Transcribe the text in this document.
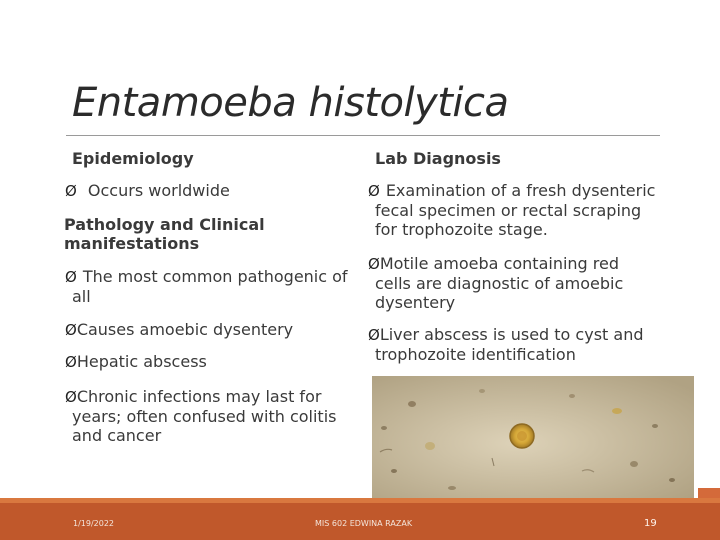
Entamoeba histolytica
Epidemiology
Ø Occurs worldwide
Pathology and Clinical
manifestations
Ø The most common pathogenic of
all
ØCauses amoebic dysentery
ØHepatic abscess
ØChronic infections may last for
years; often confused with colitis
and cancer
Lab Diagnosis
Ø Examination of a fresh dysenteric
fecal specimen or rectal scraping
for trophozoite stage.
ØMotile amoeba containing red
cells are diagnostic of amoebic
dysentery
ØLiver abscess is used to cyst and
trophozoite identification
1/19/2022	MIS 602 EDWINA RAZAK	19
